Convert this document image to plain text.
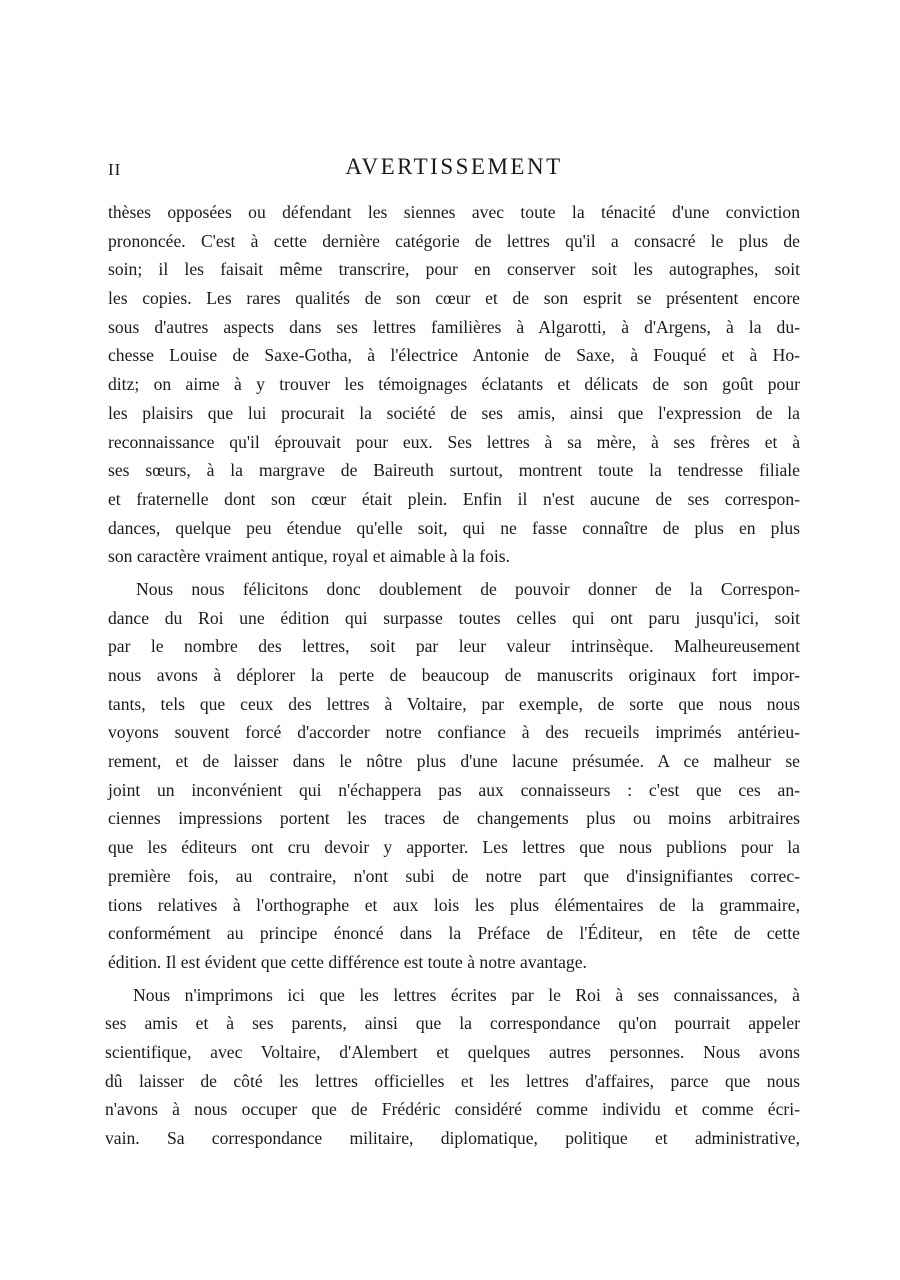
II	AVERTISSEMENT
thèses opposées ou défendant les siennes avec toute la ténacité d'une conviction
prononcée. C'est à cette dernière catégorie de lettres qu'il a consacré le plus de
soin; il les faisait même transcrire, pour en conserver soit les autographes, soit
les copies. Les rares qualités de son cœur et de son esprit se présentent encore
sous d'autres aspects dans ses lettres familières à Algarotti, à d'Argens, à la du-
chesse Louise de Saxe-Gotha, à l'électrice Antonie de Saxe, à Fouqué et à Ho-
ditz; on aime à y trouver les témoignages éclatants et délicats de son goût pour
les plaisirs que lui procurait la société de ses amis, ainsi que l'expression de la
reconnaissance qu'il éprouvait pour eux. Ses lettres à sa mère, à ses frères et à
ses sœurs, à la margrave de Baireuth surtout, montrent toute la tendresse filiale
et fraternelle dont son cœur était plein. Enfin il n'est aucune de ses correspon-
dances, quelque peu étendue qu'elle soit, qui ne fasse connaître de plus en plus
son caractère vraiment antique, royal et aimable à la fois.
Nous nous félicitons donc doublement de pouvoir donner de la Correspon-
dance du Roi une édition qui surpasse toutes celles qui ont paru jusqu'ici, soit
par le nombre des lettres, soit par leur valeur intrinsèque. Malheureusement
nous avons à déplorer la perte de beaucoup de manuscrits originaux fort impor-
tants, tels que ceux des lettres à Voltaire, par exemple, de sorte que nous nous
voyons souvent forcé d'accorder notre confiance à des recueils imprimés antérieu-
rement, et de laisser dans le nôtre plus d'une lacune présumée. A ce malheur se
joint un inconvénient qui n'échappera pas aux connaisseurs : c'est que ces an-
ciennes impressions portent les traces de changements plus ou moins arbitraires
que les éditeurs ont cru devoir y apporter. Les lettres que nous publions pour la
première fois, au contraire, n'ont subi de notre part que d'insignifiantes correc-
tions relatives à l'orthographe et aux lois les plus élémentaires de la grammaire,
conformément au principe énoncé dans la Préface de l'Éditeur, en tête de cette
édition. Il est évident que cette différence est toute à notre avantage.
Nous n'imprimons ici que les lettres écrites par le Roi à ses connaissances, à
ses amis et à ses parents, ainsi que la correspondance qu'on pourrait appeler
scientifique, avec Voltaire, d'Alembert et quelques autres personnes. Nous avons
dû laisser de côté les lettres officielles et les lettres d'affaires, parce que nous
n'avons à nous occuper que de Frédéric considéré comme individu et comme écri-
vain. Sa correspondance militaire, diplomatique, politique et administrative,
